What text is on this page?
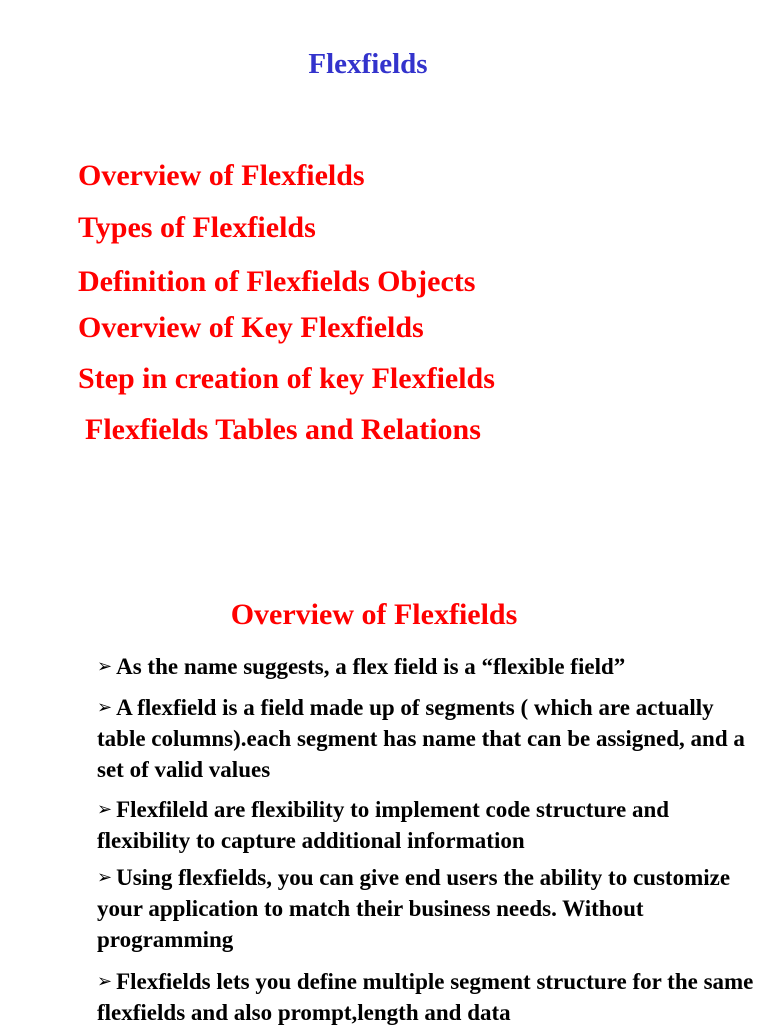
Flexfields
Overview of Flexfields
Types of Flexfields
Definition of Flexfields Objects
Overview of Key Flexfields
Step in creation of key Flexfields
Flexfields Tables and Relations
Overview of Flexfields
➢ As the name suggests, a flex field is a “flexible field”
➢ A flexfield is a field made up of segments ( which are actually table columns).each segment has name that can be assigned, and a set of valid values
➢ Flexfileld are flexibility to implement code structure and flexibility to capture additional information
➢ Using flexfields, you can give end users the ability to customize your application to match their business needs. Without programming
➢ Flexfields lets you define multiple segment structure for the same flexfields and also prompt,length and data
